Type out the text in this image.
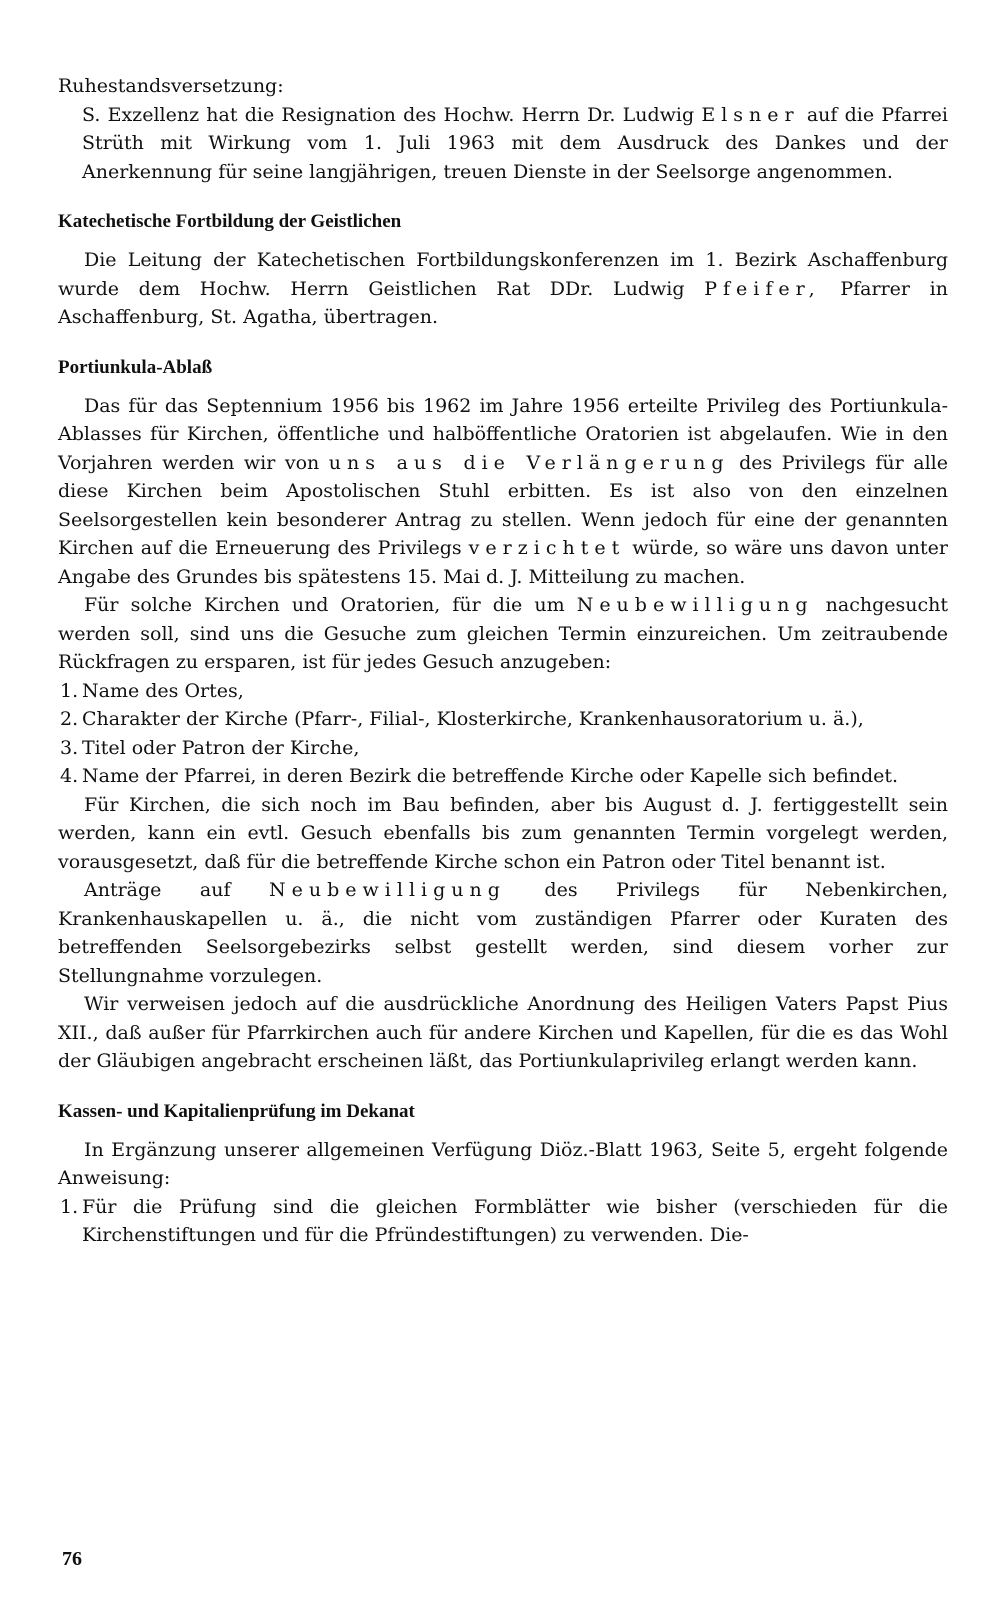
Ruhestandsversetzung:

S. Exzellenz hat die Resignation des Hochw. Herrn Dr. Ludwig Elsner auf die Pfarrei Strüth mit Wirkung vom 1. Juli 1963 mit dem Ausdruck des Dankes und der Anerkennung für seine langjährigen, treuen Dienste in der Seelsorge angenommen.

Katechetische Fortbildung der Geistlichen

Die Leitung der Katechetischen Fortbildungskonferenzen im 1. Bezirk Aschaffenburg wurde dem Hochw. Herrn Geistlichen Rat DDr. Ludwig Pfeifer, Pfarrer in Aschaffenburg, St. Agatha, übertragen.

Portiunkula-Ablaß

Das für das Septennium 1956 bis 1962 im Jahre 1956 erteilte Privileg des Portiunkula-Ablasses für Kirchen, öffentliche und halböffentliche Oratorien ist abgelaufen. Wie in den Vorjahren werden wir von uns aus die Verlängerung des Privilegs für alle diese Kirchen beim Apostolischen Stuhl erbitten. Es ist also von den einzelnen Seelsorgestellen kein besonderer Antrag zu stellen. Wenn jedoch für eine der genannten Kirchen auf die Erneuerung des Privilegs verzichtet würde, so wäre uns davon unter Angabe des Grundes bis spätestens 15. Mai d. J. Mitteilung zu machen.

Für solche Kirchen und Oratorien, für die um Neubewilligung nachgesucht werden soll, sind uns die Gesuche zum gleichen Termin einzureichen. Um zeitraubende Rückfragen zu ersparen, ist für jedes Gesuch anzugeben:

1. Name des Ortes,
2. Charakter der Kirche (Pfarr-, Filial-, Klosterkirche, Krankenhausoratorium u. ä.),
3. Titel oder Patron der Kirche,
4. Name der Pfarrei, in deren Bezirk die betreffende Kirche oder Kapelle sich befindet.

Für Kirchen, die sich noch im Bau befinden, aber bis August d. J. fertiggestellt sein werden, kann ein evtl. Gesuch ebenfalls bis zum genannten Termin vorgelegt werden, vorausgesetzt, daß für die betreffende Kirche schon ein Patron oder Titel benannt ist.

Anträge auf Neubewilligung des Privilegs für Nebenkirchen, Krankenhauskapellen u. ä., die nicht vom zuständigen Pfarrer oder Kuraten des betreffenden Seelsorgebezirks selbst gestellt werden, sind diesem vorher zur Stellungnahme vorzulegen.

Wir verweisen jedoch auf die ausdrückliche Anordnung des Heiligen Vaters Papst Pius XII., daß außer für Pfarrkirchen auch für andere Kirchen und Kapellen, für die es das Wohl der Gläubigen angebracht erscheinen läßt, das Portiunkulaprivileg erlangt werden kann.

Kassen- und Kapitalienprüfung im Dekanat

In Ergänzung unserer allgemeinen Verfügung Diöz.-Blatt 1963, Seite 5, ergeht folgende Anweisung:

1. Für die Prüfung sind die gleichen Formblätter wie bisher (verschieden für die Kirchenstiftungen und für die Pfründestiftungen) zu verwenden. Die-
76
